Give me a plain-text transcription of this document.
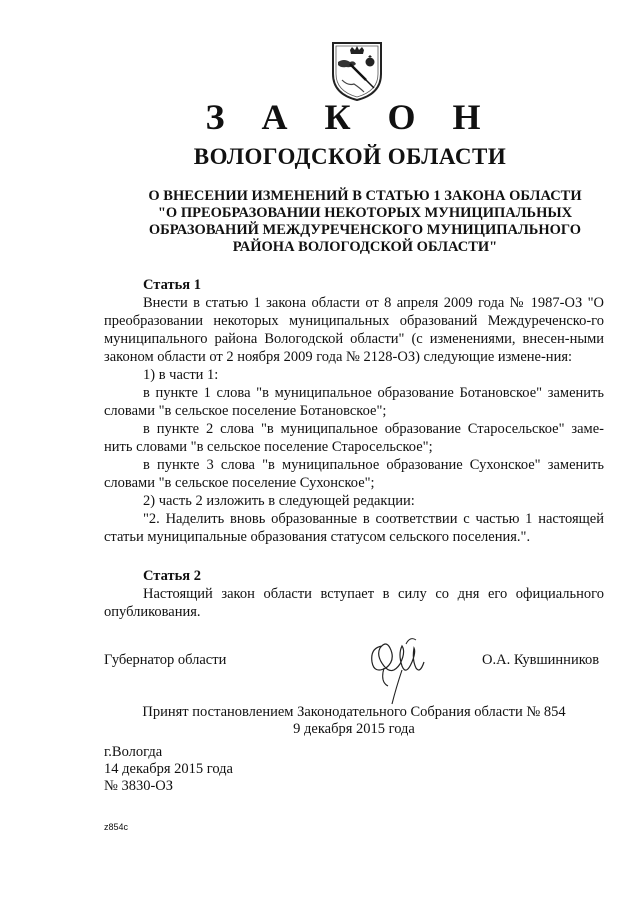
З А К О Н
ВОЛОГОДСКОЙ ОБЛАСТИ
О ВНЕСЕНИИ ИЗМЕНЕНИЙ В СТАТЬЮ 1 ЗАКОНА ОБЛАСТИ
"О ПРЕОБРАЗОВАНИИ НЕКОТОРЫХ МУНИЦИПАЛЬНЫХ
ОБРАЗОВАНИЙ МЕЖДУРЕЧЕНСКОГО МУНИЦИПАЛЬНОГО
РАЙОНА ВОЛОГОДСКОЙ ОБЛАСТИ"

Статья 1

Внести в статью 1 закона области от 8 апреля 2009 года № 1987-ОЗ "О преобразовании некоторых муниципальных образований Междуреченско-го муниципального района Вологодской области" (с изменениями, внесен-ными законом области от 2 ноября 2009 года № 2128-ОЗ) следующие измене-ния:

1) в части 1:

в пункте 1 слова "в муниципальное образование Ботановское" заменить словами "в сельское поселение Ботановское";

в пункте 2 слова "в муниципальное образование Старосельское" заме-нить словами "в сельское поселение Старосельское";

в пункте 3 слова "в муниципальное образование Сухонское" заменить словами "в сельское поселение Сухонское";

2) часть 2 изложить в следующей редакции:

"2. Наделить вновь образованные в соответствии с частью 1 настоящей статьи муниципальные образования статусом сельского поселения.".

Статья 2

Настоящий закон области вступает в силу со дня его официального опубликования.

Губернатор области	О.А. Кувшинников
Принят постановлением Законодательного Собрания области № 854
9 декабря 2015 года
г.Вологда
14 декабря 2015 года
№ 3830-ОЗ
z854c
